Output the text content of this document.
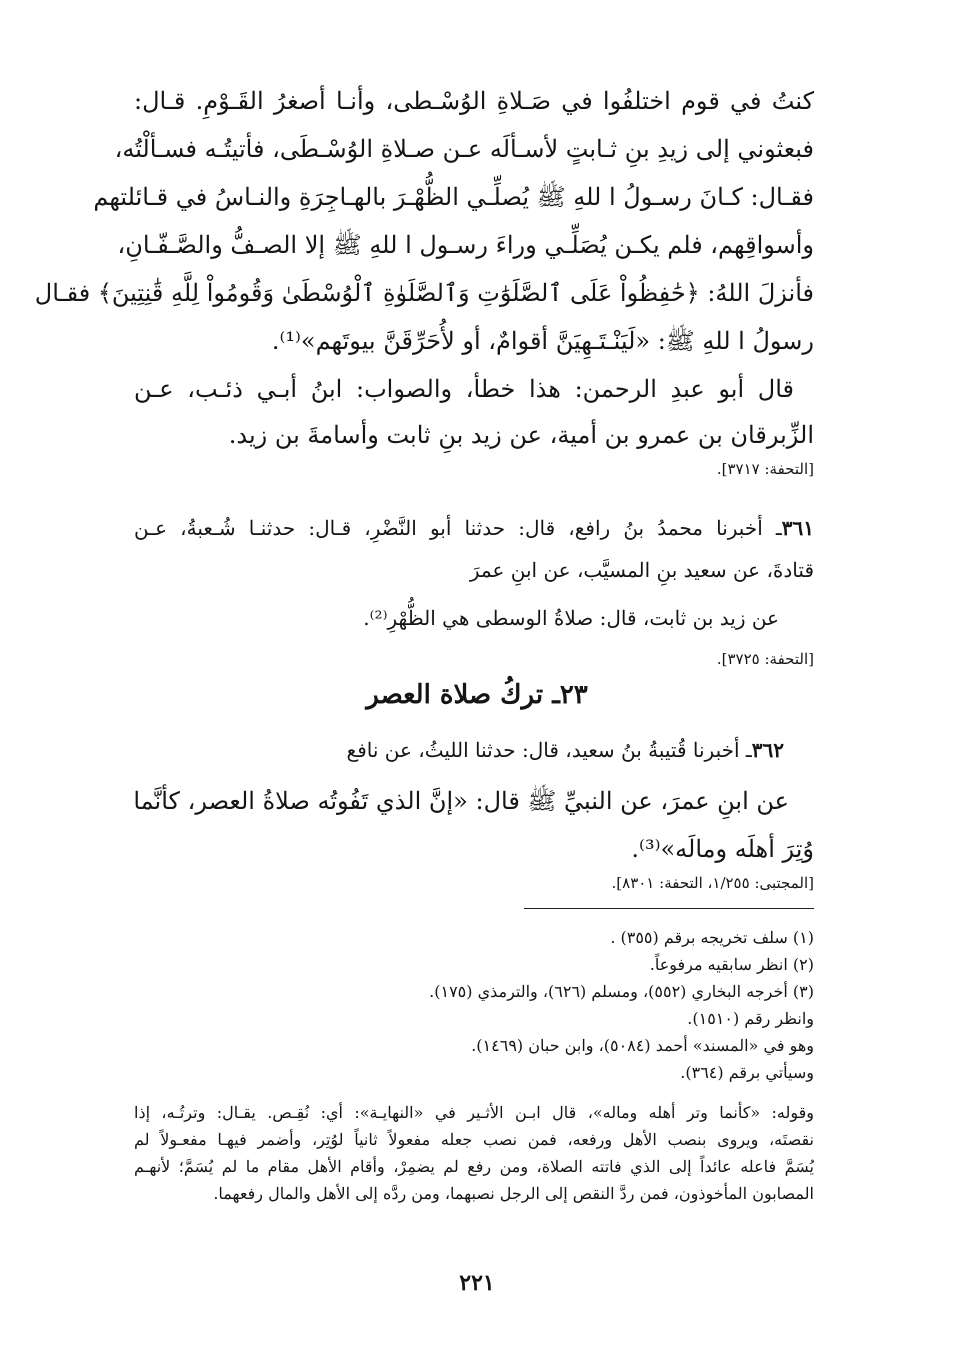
كنتُ في قوم اختلفُوا في صَـلاةِ الوُسْـطى، وأنـا أصغرُ القَـوْمِ. قـال:
فبعثوني إلى زيدِ بنِ ثـابتٍ لأسـألَه عـن صـلاةِ الوُسْـطَى، فأتيتُـه فسـألْتُه،
فقـال: كـانَ رسـولُ ا للهِ ﷺ يُصلِّـي الظُّهْـرَ بالهـاجِرَةِ والنـاسُ في قـائلتهم
وأسواقِهم، فلم يكـن يُصَلِّـي وراءَ رسـول ا للهِ ﷺ إلا الصـفُّ والصَّـفّـانِ،
فأنزلَ اللهُ: ﴿حَٰفِظُواْ عَلَى ٱلصَّلَوَٰتِ وَٱلصَّلَوٰةِ ٱلْوُسْطَىٰ وَقُومُواْ لِلَّهِ قَٰنِتِينَ﴾ فقـال
رسولُ ا للهِ ﷺ: «لَيَنْـتَـهِيَنَّ أقوامٌ، أو لأُحَرِّقَنَّ بيوتَهم»⁽¹⁾.
قال أبو عبدِ الرحمن: هذا خطأ، والصواب: ابنُ أبـي ذئـب، عـن
الزِّبرقان بن عمرو بن أمية، عن زيد بنِ ثابت وأسامةَ بن زيد.
[التحفة: ٣٧١٧].
٣٦١ـ أخبرنا محمدُ بنُ رافع، قال: حدثنا أبو النَّضْرِ، قـال: حدثنـا شُـعبةُ، عـن
قتادةَ، عن سعيد بنِ المسيَّب، عن ابنِ عمرَ
عن زيد بن ثابت، قال: صلاةُ الوسطى هي الظُّهْرِ⁽²⁾.
[التحفة: ٣٧٢٥].
٢٣ـ تركُ صلاة العصر
٣٦٢ـ أخبرنا قُتيبةُ بنُ سعيد، قال: حدثنا الليثُ، عن نافع
عن ابنِ عمرَ، عن النبيِّ ﷺ قال: «إنَّ الذي تَفُوتُه صلاةُ العصر، كأنَّما
وُتِرَ أهلَه ومالَه»⁽³⁾.
[المجتبى: ١/٢٥٥، التحفة: ٨٣٠١].
(١) سلف تخريجه برقم (٣٥٥) .
(٢) انظر سابقيه مرفوعاً.
(٣) أخرجه البخاري (٥٥٢)، ومسلم (٦٢٦)، والترمذي (١٧٥).
وانظر رقم (١٥١٠).
وهو في «المسند» أحمد (٥٠٨٤)، وابن حبان (١٤٦٩).
وسيأتي برقم (٣٦٤).
وقوله: «كأنما وتر أهله وماله»، قال ابـن الأثـير في «النهايـة»: أي: نُقِـص. يقـال: وترتُـه، إذا
نقصتَه، ويروى بنصب الأهل ورفعه، فمن نصب جعله مفعولاً ثانياً لوُتِر، وأضمر فيهـا مفعـولاً لم
يُسَمَّ فاعله عائداً إلى الذي فاتته الصلاة، ومن رفع لم يضمِرْ، وأقام الأهل مقام ما لم يُسَمَّ؛ لأنهـم
المصابون المأخوذون، فمن ردَّ النقص إلى الرجل نصبهما، ومن ردَّه إلى الأهل والمال رفعهما.
٢٢١
